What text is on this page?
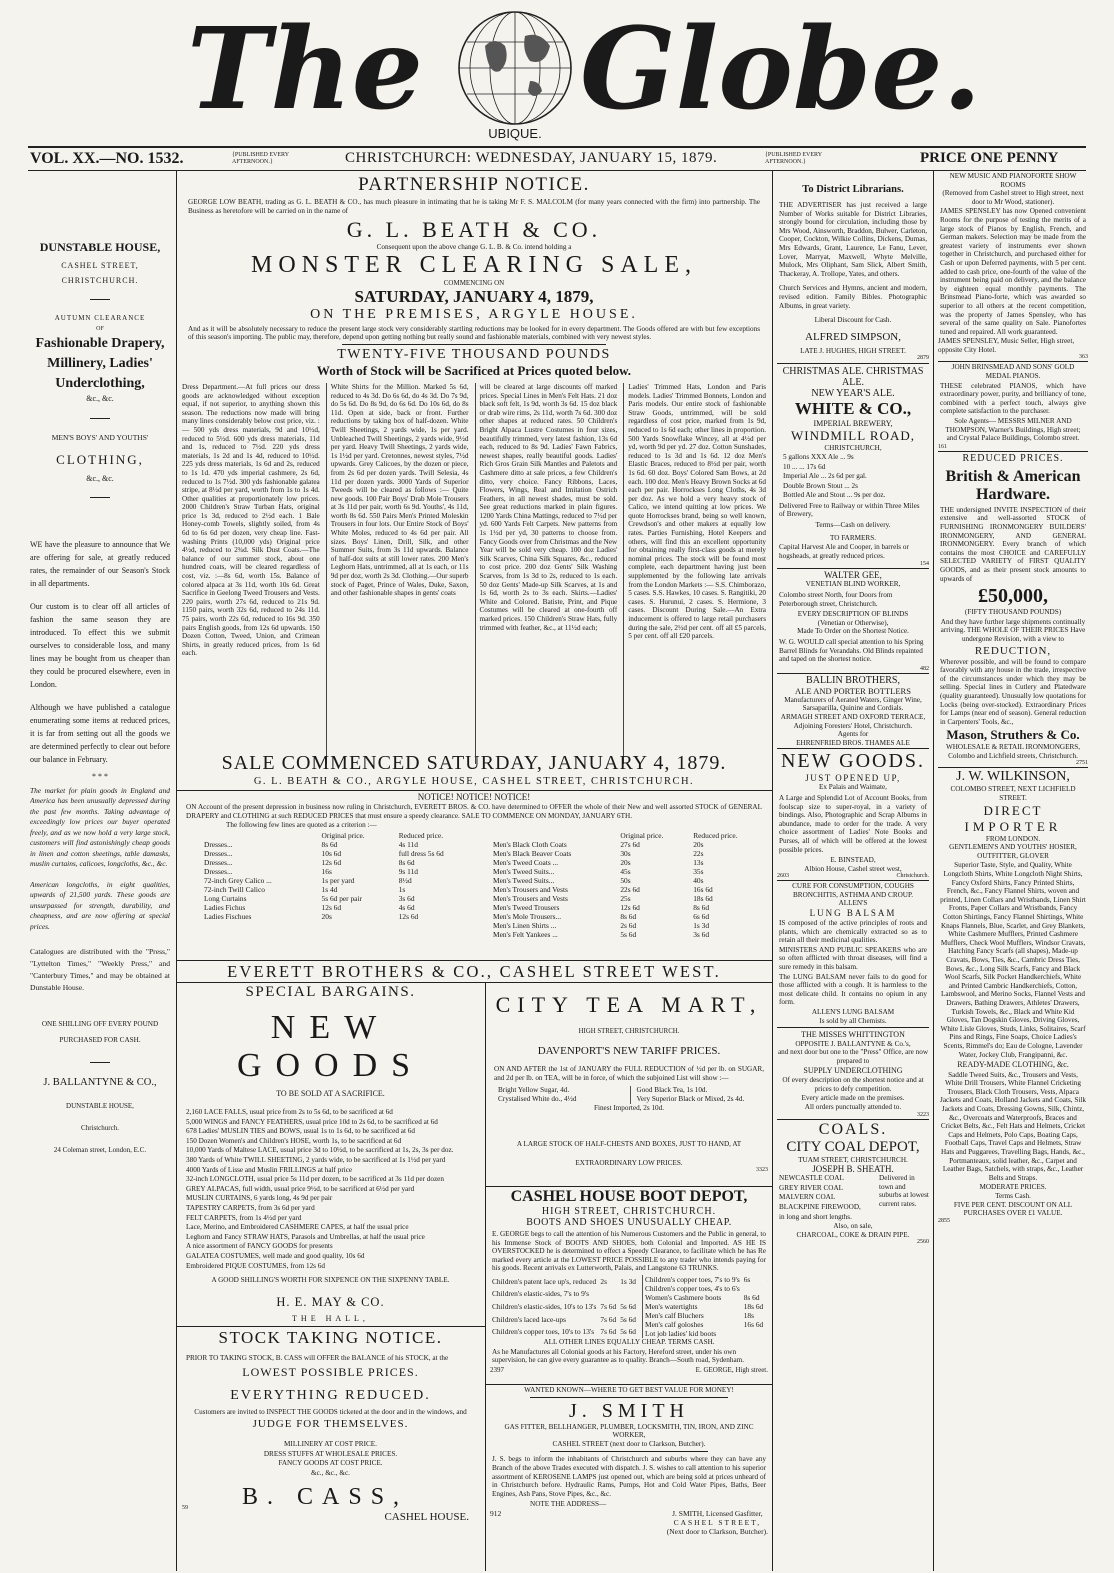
The	UBIQUE. Globe.
VOL. XX.—NO. 1532.	{PUBLISHED EVERY AFTERNOON.}	CHRISTCHURCH: WEDNESDAY, JANUARY 15, 1879.	{PUBLISHED EVERY AFTERNOON.}	PRICE ONE PENNY
DUNSTABLE HOUSE,
CASHEL STREET,
CHRISTCHURCH.
AUTUMN CLEARANCE
OF
Fashionable Drapery,
Millinery, Ladies'
Underclothing,
&c., &c.
MEN'S BOYS' AND YOUTHS'
CLOTHING,
&c., &c.

WE have the pleasure to announce that We are offering for sale, at greatly reduced rates, the remainder of our Season's Stock in all departments.

Our custom is to clear off all articles of fashion the same season they are introduced. To effect this we submit ourselves to considerable loss, and many lines may be bought from us cheaper than they could be procured elsewhere, even in London.

Although we have published a catalogue enumerating some items at reduced prices, it is far from setting out all the goods we are determined perfectly to clear out before our balance in February.

* * *

The market for plain goods in England and America has been unusually depressed during the past few months. Taking advantage of exceedingly low prices our buyer operated freely, and as we now hold a very large stock, customers will find astonishingly cheap goods in linen and cotton sheetings, table damasks, muslin curtains, calicoes, longcloths, &c., &c.

American longcloths, in eight qualities, upwards of 21,500 yards. These goods are unsurpassed for strength, durability, and cheapness, and are now offering at special prices.

Catalogues are distributed with the "Press," "Lyttelton Times," "Weekly Press," and "Canterbury Times," and may be obtained at Dunstable House.

ONE SHILLING OFF EVERY POUND PURCHASED FOR CASH.

J. BALLANTYNE & CO.,
DUNSTABLE HOUSE,
Christchurch.
24 Coleman street, London, E.C.
PARTNERSHIP NOTICE.

GEORGE LOW BEATH, trading as G. L. BEATH & CO., has much pleasure in intimating that he is taking Mr F. S. MALCOLM (for many years connected with the firm) into partnership. The Business as heretofore will be carried on in the name of

G. L. BEATH & CO.
Consequent upon the above change G. L. B. & Co. intend holding a
MONSTER CLEARING SALE,
COMMENCING ON
SATURDAY, JANUARY 4, 1879,
ON THE PREMISES, ARGYLE HOUSE.

And as it will be absolutely necessary to reduce the present large stock very considerably startling reductions may be looked for in every department. The Goods offered are with but few exceptions of this season's importing. The public may, therefore, depend upon getting nothing but really sound and fashionable materials, combined with very newest styles.

TWENTY-FIVE THOUSAND POUNDS
Worth of Stock will be Sacrificed at Prices quoted below.

Dress Department.—At full prices our dress goods are acknowledged without exception equal, if not superior, to anything shown this season. The reductions now made will bring many lines considerably below cost price, viz. :— 500 yds dress materials, 9d and 10½d, reduced to 5½d. 600 yds dress materials, 11d and 1s, reduced to 7½d. 220 yds dress materials, 1s 2d and 1s 4d, reduced to 10½d. 225 yds dress materials, 1s 6d and 2s, reduced to 1s 1d. 470 yds imperial cashmere, 2s 6d, reduced to 1s 7½d. 300 yds fashionable galatea stripe, at 8½d per yard, worth from 1s to 1s 4d. Other qualities at proportionately low prices. 2000 Children's Straw Turban Hats, original price 1s 3d, reduced to 2½d each. 1 Bale Honey-comb Towels, slightly soiled, from 4s 6d to 6s 6d per dozen, very cheap line. Fast-washing Prints (10,000 yds) Original price 4½d, reduced to 2¾d. Silk Dust Coats.—The balance of our summer stock, about one hundred coats, will be cleared regardless of cost, viz. :—8s 6d, worth 15s. Balance of colored alpaca at 3s 11d, worth 10s 6d. Great Sacrifice in Geelong Tweed Trousers and Vests. 220 pairs, worth 27s 6d, reduced to 21s 9d. 1150 pairs, worth 32s 6d, reduced to 24s 11d. 75 pairs, worth 22s 6d, reduced to 16s 9d. 350 pairs English goods, from 12s 6d upwards. 150 Dozen Cotton, Tweed, Union, and Crimean Shirts, in greatly reduced prices, from 1s 6d each.

White Shirts for the Million. Marked 5s 6d, reduced to 4s 3d. Do 6s 6d, do 4s 3d. Do 7s 9d, do 5s 6d. Do 8s 9d, do 6s 6d. Do 10s 6d, do 8s 11d. Open at side, back or front. Further reductions by taking box of half-dozen. White Twill Sheetings, 2 yards wide, 1s per yard. Unbleached Twill Sheetings, 2 yards wide, 9½d per yard. Heavy Twill Sheetings, 2 yards wide, 1s 1½d per yard. Cretonnes, newest styles, 7½d upwards. Grey Calicoes, by the dozen or piece, from 2s 6d per dozen yards. Twill Selesia, 4s 11d per dozen yards. 3000 Yards of Superior Tweeds will be cleared as follows :— Quite new goods. 100 Pair Boys' Drab Mole Trousers at 3s 11d per pair, worth 6s 9d. Youths', 4s 11d, worth 8s 6d. 550 Pairs Men's Printed Moleskin Trousers in four lots. Our Entire Stock of Boys' White Moles, reduced to 4s 6d per pair. All sizes. Boys' Linen, Drill, Silk, and other Summer Suits, from 3s 11d upwards. Balance of half-doz suits at still lower rates. 200 Men's Leghorn Hats, untrimmed, all at 1s each, or 11s 9d per doz, worth 2s 3d. Clothing.—Our superb stock of Paget, Prince of Wales, Duke, Saxon, and other fashionable shapes in gents' coats

will be cleared at large discounts off marked prices. Special Lines in Men's Felt Hats. 21 doz black soft felt, 1s 9d, worth 3s 6d. 15 doz black or drab wire rims, 2s 11d, worth 7s 6d. 300 doz other shapes at reduced rates. 50 Children's Bright Alpaca Lustre Costumes in four sizes, beautifully trimmed, very latest fashion, 13s 6d each, reduced to 8s 9d. Ladies' Fawn Fabrics, newest shapes, really beautiful goods. Ladies' Rich Gros Grain Silk Mantles and Paletots and Cashmere ditto at sale prices, a few Children's ditto, very choice. Fancy Ribbons, Laces, Flowers, Wings, Real and Imitation Ostrich Feathers, in all newest shades, must be sold. See great reductions marked in plain figures. 1200 Yards China Mattings, reduced to 7½d per yd. 600 Yards Felt Carpets. New patterns from 1s 1½d per yd, 30 patterns to choose from. Fancy Goods over from Christmas and the New Year will be sold very cheap. 100 doz Ladies' Silk Scarves, China Silk Squares, &c., reduced to cost price. 200 doz Gents' Silk Washing Scarves, from 1s 3d to 2s, reduced to 1s each. 50 doz Gents' Made-up Silk Scarves, at 1s and 1s 6d, worth 2s to 3s each. Skirts.—Ladies' White and Colored. Batiste, Print, and Pique Costumes will be cleared at one-fourth off marked prices. 150 Children's Straw Hats, fully trimmed with feather, &c., at 11½d each;

Ladies' Trimmed Hats, London and Paris models. Ladies' Trimmed Bonnets, London and Paris models. Our entire stock of fashionable Straw Goods, untrimmed, will be sold regardless of cost price, marked from 1s 9d, reduced to 1s 6d each; other lines in proportion. 500 Yards Snowflake Wincey, all at 4½d per yd, worth 9d per yd. 27 doz. Cotton Sunshades, reduced to 1s 3d and 1s 6d. 12 doz Men's Elastic Braces, reduced to 8½d per pair, worth 1s 6d. 60 doz. Boys' Colored Sam Bows, at 2d each. 100 doz. Men's Heavy Brown Socks at 6d each per pair. Horrockses Long Cloths, 4s 3d per doz. As we hold a very heavy stock of Calico, we intend quitting at low prices. We quote Horrockses brand, being so well known, Crewdson's and other makers at equally low rates. Parties Furnishing, Hotel Keepers and others, will find this an excellent opportunity for obtaining really first-class goods at merely nominal prices. The stock will be found most complete, each department having just been supplemented by the following late arrivals from the London Markets :— S.S. Chimborazo, 5 cases. S.S. Hawkes, 10 cases. S. Rangitiki, 20 cases. S. Hurunui, 2 cases. S. Hermione, 3 cases. Discount During Sale.—An Extra inducement is offered to large retail purchasers during the sale, 2½d per cent. off all £5 parcels, 5 per cent. off all £20 parcels.

SALE COMMENCED SATURDAY, JANUARY 4, 1879.
G. L. BEATH & CO., ARGYLE HOUSE, CASHEL STREET, CHRISTCHURCH.
NOTICE! NOTICE! NOTICE!

ON Account of the present depression in business now ruling in Christchurch, EVERETT BROS. & CO. have determined to OFFER the whole of their New and well assorted STOCK of GENERAL DRAPERY and CLOTHING at such REDUCED PRICES that must ensure a speedy clearance. SALE TO COMMENCE ON MONDAY, JANUARY 6TH.

The following few lines are quoted as a criterion :—
	Original price.	Reduced price.
Dresses...	8s 6d	4s 11d
Dresses...	10s 6d	full dress 5s 6d
Dresses...	12s 6d	8s 6d
Dresses...	16s	9s 11d
72-inch Grey Calico ...	1s per yard	8½d
72-inch Twill Calico	1s 4d	1s
Long Curtains	5s 6d per pair	3s 6d
Ladies Fichus	12s 6d	4s 6d
Ladies Fischues	20s	12s 6d
	Original price.	Reduced price.
Men's Black Cloth Coats	27s 6d	20s
Men's Black Beaver Coats	30s	22s
Men's Tweed Coats ...	20s	13s
Men's Tweed Suits...	45s	35s
Men's Tweed Suits...	50s	40s
Men's Trousers and Vests	22s 6d	16s 6d
Men's Trousers and Vests	25s	18s 6d
Men's Tweed Trousers	12s 6d	8s 6d
Men's Mole Trousers...	8s 6d	6s 6d
Men's Linen Shirts ...	2s 6d	1s 3d
Men's Felt Yankees ...	5s 6d	3s 6d
EVERETT BROTHERS & CO., CASHEL STREET WEST.
SPECIAL BARGAINS.
NEW GOODS
TO BE SOLD AT A SACRIFICE.
2,160 LACE FALLS, usual price from 2s to 5s 6d, to be sacrificed at 6d
5,000 WINGS and FANCY FEATHERS, usual price 10d to 2s 6d, to be sacrificed at 6d
678 Ladies' MUSLIN TIES and BOWS, usual 1s to 1s 6d, to be sacrificed at 6d
150 Dozen Women's and Children's HOSE, worth 1s, to be sacrificed at 6d
10,000 Yards of Maltese LACE, usual price 3d to 10½d, to be sacrificed at 1s, 2s, 3s per doz.
380 Yards of White TWILL SHEETING, 2 yards wide, to be sacrificed at 1s 1½d per yard
4000 Yards of Lisse and Muslin FRILLINGS at half price
32-inch LONGCLOTH, usual price 5s 11d per dozen, to be sacrificed at 3s 11d per dozen
GREY ALPACAS, full width, usual price 9½d, to be sacrificed at 6½d per yard
MUSLIN CURTAINS, 6 yards long, 4s 9d per pair
TAPESTRY CARPETS, from 3s 6d per yard
FELT CARPETS, from 1s 4½d per yard
Lace, Merino, and Embroidered CASHMERE CAPES, at half the usual price
Leghorn and Fancy STRAW HATS, Parasols and Umbrellas, at half the usual price
A nice assortment of FANCY GOODS for presents
GALATEA COSTUMES, well made and good quality, 10s 6d
Embroidered PIQUE COSTUMES, from 12s 6d
A GOOD SHILLING'S WORTH FOR SIXPENCE ON THE SIXPENNY TABLE.
H. E. MAY & CO.
THE HALL,
STOCK TAKING NOTICE.

PRIOR TO TAKING STOCK, B. CASS will OFFER the BALANCE of his STOCK, at the

LOWEST POSSIBLE PRICES.
EVERYTHING REDUCED.
Customers are invited to INSPECT THE GOODS ticketed at the door and in the windows, and
JUDGE FOR THEMSELVES.
MILLINERY AT COST PRICE.
DRESS STUFFS AT WHOLESALE PRICES.
FANCY GOODS AT COST PRICE.
&c., &c., &c.
59	B. CASS,
CASHEL HOUSE.
CITY TEA MART,
HIGH STREET, CHRISTCHURCH.
DAVENPORT'S NEW TARIFF PRICES.

ON AND AFTER the 1st of JANUARY the FULL REDUCTION of ½d per lb. on SUGAR, and 2d per lb. on TEA, will be in force, of which the subjoined List will show :—

Bright Yellow Sugar, 4d.
Crystalised White do., 4½d
Good Black Tea, 1s 10d.
Very Superior Black or Mixed, 2s 4d.
Finest Imported, 2s 10d.
A LARGE STOCK OF HALF-CHESTS AND BOXES, JUST TO HAND, AT
EXTRAORDINARY LOW PRICES.
3323
CASHEL HOUSE BOOT DEPOT,
HIGH STREET, CHRISTCHURCH.
BOOTS AND SHOES UNUSUALLY CHEAP.

E. GEORGE begs to call the attention of his Numerous Customers and the Public in general, to his Immense Stock of BOOTS AND SHOES, both Colonial and Imported. AS HE IS OVERSTOCKED he is determined to effect a Speedy Clearance, to facilitate which he has Re marked every article at the LOWEST PRICE POSSIBLE to any trader who intends paying for his goods. Recent arrivals ex Lutterworth, Palais, and Langstone 63 TRUNKS.

Children's patent lace up's, reduced	2s	1s 3d
Children's elastic-sides, 7's to 9's		
Children's elastic-sides, 10's to 13's	7s 6d	5s 6d
Children's laced lace-ups	7s 6d	5s 6d
Children's copper toes, 10's to 13's	7s 6d	5s 6d
Children's copper toes, 7's to 9's	6s	
Children's copper toes, 4's to 6's		
Women's Cashmere boots	8s 6d	
Men's watertights	18s 6d	
Men's calf Bluchers	18s	
Men's calf goloshes	16s 6d	
Lot job ladies' kid boots		
ALL OTHER LINES EQUALLY CHEAP. TERMS CASH.

As he Manufactures all Colonial goods at his Factory, Hereford street, under his own supervision, he can give every guarantee as to quality. Branch—South road, Sydenham.

2397	E. GEORGE, High street.
WANTED KNOWN—WHERE TO GET BEST VALUE FOR MONEY!
J. SMITH
GAS FITTER, BELLHANGER, PLUMBER, LOCKSMITH, TIN, IRON, AND ZINC WORKER,
CASHEL STREET (next door to Clarkson, Butcher).

J. S. begs to inform the inhabitants of Christchurch and suburbs where they can have any Branch of the above Trades executed with dispatch. J. S. wishes to call attention to his superior assortment of KEROSENE LAMPS just opened out, which are being sold at prices unheard of in Christchurch before. Hydraulic Rams, Pumps, Hot and Cold Water Pipes, Baths, Beer Engines, Ash Pans, Stove Pipes, &c., &c.

NOTE THE ADDRESS—
912	J. SMITH, Licensed Gasfitter,
CASHEL STREET,
(Next door to Clarkson, Butcher).
To District Librarians.

THE ADVERTISER has just received a large Number of Works suitable for District Libraries, strongly bound for circulation, including those by Mrs Wood, Ainsworth, Braddon, Bulwer, Carleton, Cooper, Cockton, Wilkie Collins, Dickens, Dumas, Mrs Edwards, Grant, Laurence, Le Fanu, Lever, Lover, Marryat, Maxwell, Whyte Melville, Mulock, Mrs Oliphant, Sam Slick, Albert Smith, Thackeray, A. Trollope, Yates, and others.

Church Services and Hymns, ancient and modern, revised edition. Family Bibles. Photographic Albums, in great variety.

Liberal Discount for Cash.
ALFRED SIMPSON,
LATE J. HUGHES, HIGH STREET.
2879
CHRISTMAS ALE. CHRISTMAS ALE.
NEW YEAR'S ALE.
WHITE & CO.,
IMPERIAL BREWERY,
WINDMILL ROAD,
CHRISTCHURCH,
5 gallons XXX Ale ... 9s
10 ... ... 17s 6d
Imperial Ale ... 2s 6d per gal.
Double Brown Stout ... 2s
Bottled Ale and Stout ... 9s per doz.

Delivered Free to Railway or within Three Miles of Brewery,

Terms—Cash on delivery.
TO FARMERS.

Capital Harvest Ale and Cooper, in barrels or hogsheads, at greatly reduced prices.

154
WALTER GEE,
VENETIAN BLIND WORKER,

Colombo street North, four Doors from Peterborough street, Christchurch.

EVERY DESCRIPTION OF BLINDS
(Venetian or Otherwise),
Made To Order on the Shortest Notice.

W. G. WOULD call special attention to his Spring Barrel Blinds for Verandahs. Old Blinds repainted and taped on the shortest notice.

482
BALLIN BROTHERS,
ALE AND PORTER BOTTLERS
Manufacturers of Aerated Waters, Ginger Wine, Sarsaparilla, Quinine and Cordials.
ARMAGH STREET AND OXFORD TERRACE,
Adjoining Foresters' Hotel, Christchurch.
Agents for
EHRENFRIED BROS. THAMES ALE
NEW GOODS.
JUST OPENED UP,
Ex Palais and Waimate,

A Large and Splendid Lot of Account Books, from foolscap size to super-royal, in a variety of bindings. Also, Photographic and Scrap Albums in abundance, made to order for the trade. A very choice assortment of Ladies' Note Books and Purses, all of which will be offered at the lowest possible prices.

E. BINSTEAD,
Albion House, Cashel street west,
2603	Christchurch.
CURE FOR CONSUMPTION, COUGHS BRONCHITIS, ASTHMA AND CROUP.
ALLEN'S
LUNG BALSAM

IS composed of the active principles of roots and plants, which are chemically extracted so as to retain all their medicinal qualities.

MINISTERS AND PUBLIC SPEAKERS who are so often afflicted with throat diseases, will find a sure remedy in this balsam.

The LUNG BALSAM never fails to do good for those afflicted with a cough. It is harmless to the most delicate child. It contains no opium in any form.

ALLEN'S LUNG BALSAM
Is sold by all Chemists.
THE MISSES WHITTINGTON
OPPOSITE J. BALLANTYNE & Co.'s,
and next door but one to the "Press" Office, are now prepared to
SUPPLY UNDERCLOTHING

Of every description on the shortest notice and at prices to defy competition.

Every article made on the premises.
All orders punctually attended to.
3223
COALS.
CITY COAL DEPOT,
TUAM STREET, CHRISTCHURCH.
JOSEPH B. SHEATH.
NEWCASTLE COAL
GREY RIVER COAL
MALVERN COAL
BLACKPINE FIREWOOD,
in long and short lengths.
Delivered in town and suburbs at lowest current rates.
Also, on sale,
CHARCOAL, COKE & DRAIN PIPE.
2560
NEW MUSIC AND PIANOFORTE SHOW ROOMS
(Removed from Cashel street to High street, next door to Mr Wood, stationer).

JAMES SPENSLEY has now Opened convenient Rooms for the purpose of testing the merits of a large stock of Pianos by English, French, and German makers. Selection may be made from the greatest variety of instruments ever shown together in Christchurch, and purchased either for Cash or upon Deferred payments, with 5 per cent. added to cash price, one-fourth of the value of the instrument being paid on delivery, and the balance by eighteen equal monthly payments. The Brinsmead Piano-forte, which was awarded so superior to all others at the recent competition, was the property of James Spensley, who has several of the same quality on Sale. Pianofortes tuned and repaired. All work guaranteed.

JAMES SPENSLEY, Music Seller, High street, opposite City Hotel.
363
JOHN BRINSMEAD AND SONS' GOLD MEDAL PIANOS.

THESE celebrated PIANOS, which have extraordinary power, purity, and brilliancy of tone, combined with a perfect touch, always give complete satisfaction to the purchaser.

Sole Agents— MESSRS MILNER AND THOMPSON, Warner's Buildings, High street; and Crystal Palace Buildings, Colombo street.

161
REDUCED PRICES.
British & American
Hardware.

THE undersigned INVITE INSPECTION of their extensive and well-assorted STOCK of FURNISHING IRONMONGERY BUILDERS' IRONMONGERY, AND GENERAL IRONMONGERY. Every branch of which contains the most CHOICE and CAREFULLY SELECTED VARIETY of FIRST QUALITY GOODS, and as their present stock amounts to upwards of

£50,000,
(FIFTY THOUSAND POUNDS)

And they have further large shipments continually arriving. THE WHOLE OF THEIR PRICES Have undergone Revision, with a view to

REDUCTION,

Wherever possible, and will be found to compare favorably with any house in the trade, irrespective of the circumstances under which they may be selling. Special lines in Cutlery and Platedware (quality guaranteed). Unusually low quotations for Locks (being over-stocked). Extraordinary Prices for Lamps (near end of season). General reduction in Carpenters' Tools, &c.,

Mason, Struthers & Co.
WHOLESALE & RETAIL IRONMONGERS,
Colombo and Lichfield streets, Christchurch.
2751
J. W. WILKINSON,
COLOMBO STREET, NEXT LICHFIELD STREET.
DIRECT
IMPORTER
FROM LONDON.
GENTLEMEN'S AND YOUTHS' HOSIER, OUTFITTER, GLOVER

Superior Taste, Style, and Quality, White Longcloth Shirts, White Longcloth Night Shirts, Fancy Oxford Shirts, Fancy Printed Shirts, French, &c., Fancy Flannel Shirts, woven and printed, Linen Collars and Wristbands, Linen Shirt Fronts, Paper Collars and Wristbands, Fancy Cotton Shirtings, Fancy Flannel Shirtings, White Knaps Flannels, Blue, Scarlet, and Grey Blankets, White Cashmere Mufflers, Printed Cashmere Mufflers, Check Wool Mufflers, Windsor Cravats, Hatching Fancy Scarfs (all shapes), Made-up Cravats, Bows, Ties, &c., Cambric Dress Ties, Bows, &c., Long Silk Scarfs, Fancy and Black Wool Scarfs, Silk Pocket Handkerchiefs, White and Printed Cambric Handkerchiefs, Cotton, Lambswool, and Merino Socks, Flannel Vests and Drawers, Bathing Drawers, Athletes' Drawers, Turkish Towels, &c., Black and White Kid Gloves, Tan Dogskin Gloves, Driving Gloves, White Lisle Gloves, Studs, Links, Solitaires, Scarf Pins and Rings, Fine Soaps, Choice Ladies's Scents, Rimmel's do; Eau de Cologne, Lavender Water, Jockey Club, Frangipanni, &c.

READY-MADE CLOTHING, &c.

Saddle Tweed Suits, &c., Trousers and Vests, White Drill Trousers, White Flannel Cricketing Trousers, Black Cloth Trousers, Vests, Alpaca Jackets and Coats, Holland Jackets and Coats, Silk Jackets and Coats, Dressing Gowns, Silk, Chintz, &c., Overcoats and Waterproofs, Braces and Cricket Belts, &c., Felt Hats and Helmets, Cricket Caps and Helmets, Polo Caps, Boating Caps, Football Caps, Travel Caps and Helmets, Straw Hats and Puggarees, Travelling Bags, Hands, &c., Portmanteaux, solid leather, &c., Carpet and Leather Bags, Satchels, with straps, &c., Leather Belts and Straps.

MODERATE PRICES.
Terms Cash.
FIVE PER CENT. DISCOUNT ON ALL PURCHASES OVER £1 VALUE.
2855
